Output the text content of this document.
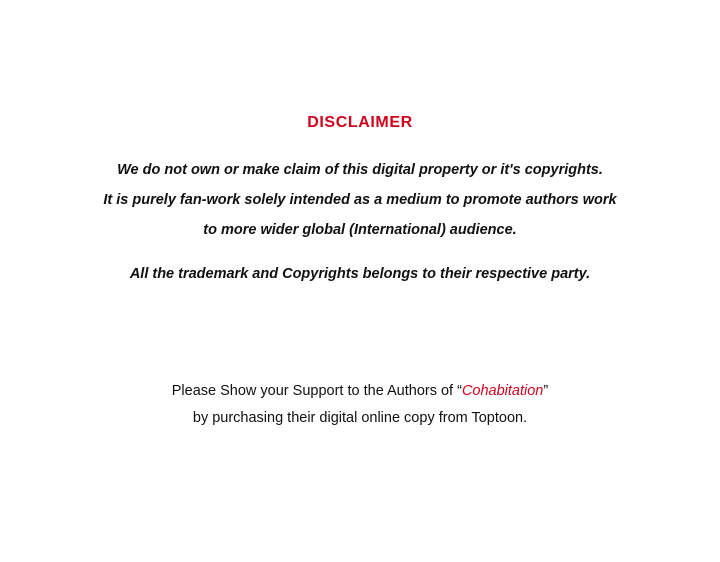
DISCLAIMER
We do not own or make claim of this digital property or it's copyrights.
It is purely fan-work solely intended as a medium to promote authors work
to more wider global (International) audience.
All the trademark and Copyrights belongs to their respective party.
Please Show your Support to the Authors of “Cohabitation”
by purchasing their digital online copy from Toptoon.
